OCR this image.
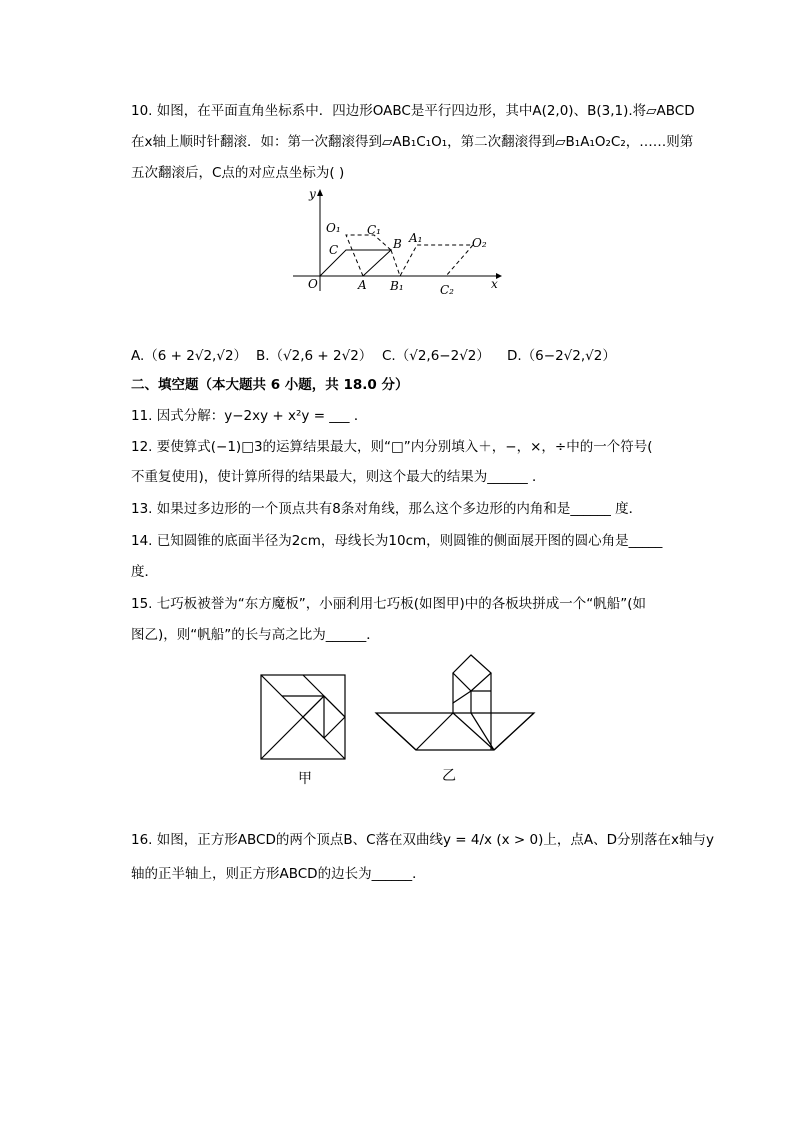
10. 如图，在平面直角坐标系中．四边形OABC是平行四边形，其中A(2,0)、B(3,1).将▱ABCD
在x轴上顺时针翻滚．如：第一次翻滚得到▱AB₁C₁O₁，第二次翻滚得到▱B₁A₁O₂C₂，……则第
五次翻滚后，C点的对应点坐标为( )
y
x
O	A
B
C
O₁ C₁
A₁
B₁
O₂
C₂
A.（6 + 2√2,√2） B.（√2,6 + 2√2） C.（√2,6−2√2） D.（6−2√2,√2）
二、填空题（本大题共 6 小题，共 18.0 分）
11. 因式分解：y−2xy + x²y = ___ ．
12. 要使算式(−1)□3的运算结果最大，则“□”内分别填入＋，−，×，÷中的一个符号(
不重复使用)，使计算所得的结果最大，则这个最大的结果为______ ．
13. 如果过多边形的一个顶点共有8条对角线，那么这个多边形的内角和是______ 度．
14. 已知圆锥的底面半径为2cm，母线长为10cm，则圆锥的侧面展开图的圆心角是_____
度．
15. 七巧板被誉为“东方魔板”，小丽利用七巧板(如图甲)中的各板块拼成一个“帆船”(如
图乙)，则“帆船”的长与高之比为______．
甲	乙
16. 如图，正方形ABCD的两个顶点B、C落在双曲线y = 4/x (x > 0)上，点A、D分别落在x轴与y
轴的正半轴上，则正方形ABCD的边长为______．
